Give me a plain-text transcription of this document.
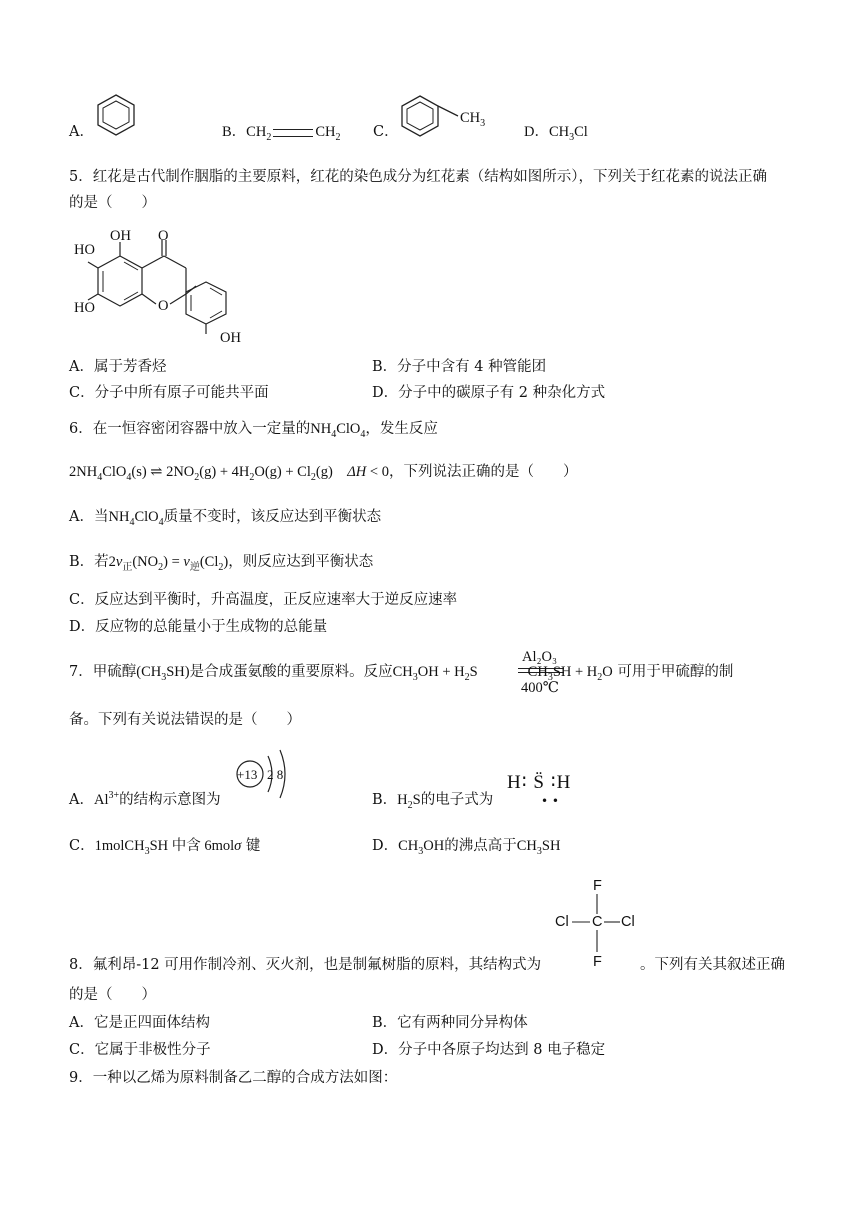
A．	B．$CH_2$	$CH_2$ C．
$CH_3$
D．$CH_3Cl$
5．红花是古代制作胭脂的主要原料，红花的染色成分为红花素（结构如图所示），下列关于红花素的说法正确
的是（　　）
HO
OH O
HO	O
OH
A．属于芳香烃	B．分子中含有 4 种管能团
C．分子中所有原子可能共平面	D．分子中的碳原子有 2 种杂化方式
6．在一恒容密闭容器中放入一定量的$NH_4ClO_4$，发生反应
$2NH_4ClO_4(s)$ ⇌ $2NO_2(g) + 4H_2O(g) + Cl_2(g)$    ΔH < 0，下列说法正确的是（　　）
A．当$NH_4ClO_4$质量不变时，该反应达到平衡状态
B．若$2v_正(NO_2) = v_逆(Cl_2)$，则反应达到平衡状态
C．反应达到平衡时，升高温度，正反应速率大于逆反应速率
D．反应物的总能量小于生成物的总能量
Al₂O₃
400℃
7．甲硫醇$(CH_3SH)$是合成蛋氨酸的重要原料。反应$CH_3OH + H_2S$	$CH_3SH + H_2O$ 可用于甲硫醇的制
备。下列有关说法错误的是（　　）
A．$Al^{3+}$的结构示意图为
+13 2 8
B．$H_2S$的电子式为
H∶ S̈ ∶H
• •
C．1molCH$_3$SH 中含 6molσ 键	D．$CH_3OH$的沸点高于$CH_3SH$
F
Cl C Cl
F
8．氟利昂-12 可用作制冷剂、灭火剂，也是制氟树脂的原料，其结构式为	。下列有关其叙述正确
的是（　　）
A．它是正四面体结构	B．它有两种同分异构体
C．它属于非极性分子	D．分子中各原子均达到 8 电子稳定
9．一种以乙烯为原料制备乙二醇的合成方法如图：
